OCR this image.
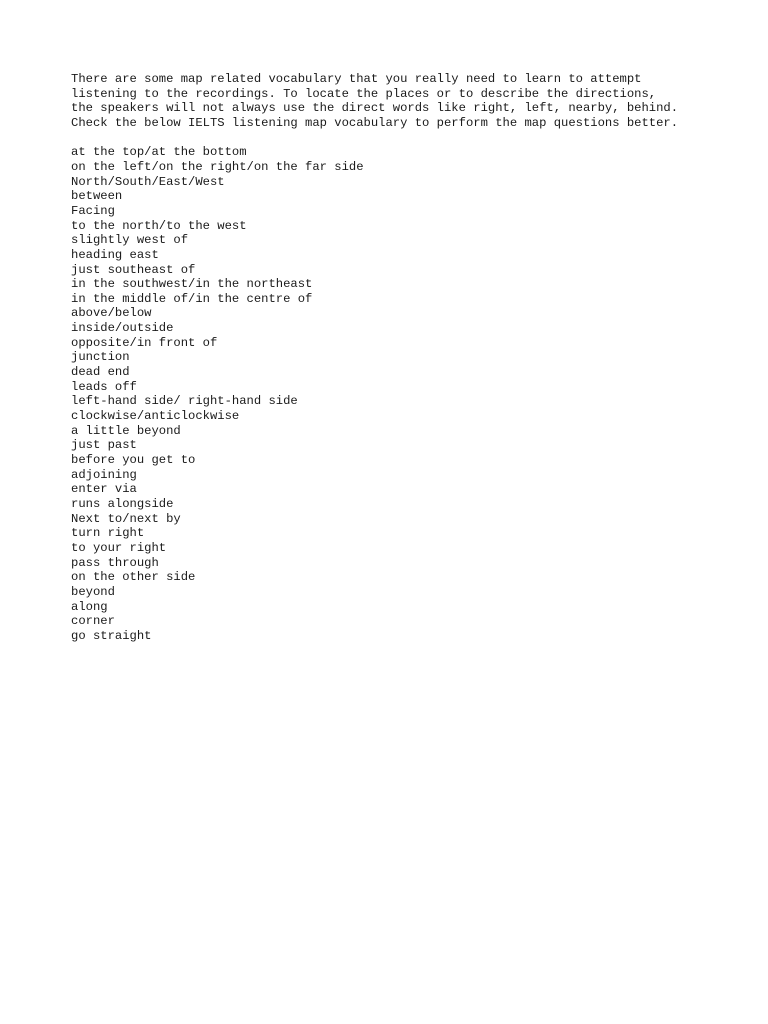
There are some map related vocabulary that you really need to learn to attempt
listening to the recordings. To locate the places or to describe the directions,
the speakers will not always use the direct words like right, left, nearby, behind.
Check the below IELTS listening map vocabulary to perform the map questions better.
at the top/at the bottom
on the left/on the right/on the far side
North/South/East/West
between
Facing
to the north/to the west
slightly west of
heading east
just southeast of
in the southwest/in the northeast
in the middle of/in the centre of
above/below
inside/outside
opposite/in front of
junction
dead end
leads off
left-hand side/ right-hand side
clockwise/anticlockwise
a little beyond
just past
before you get to
adjoining
enter via
runs alongside
Next to/next by
turn right
to your right
pass through
on the other side
beyond
along
corner
go straight
